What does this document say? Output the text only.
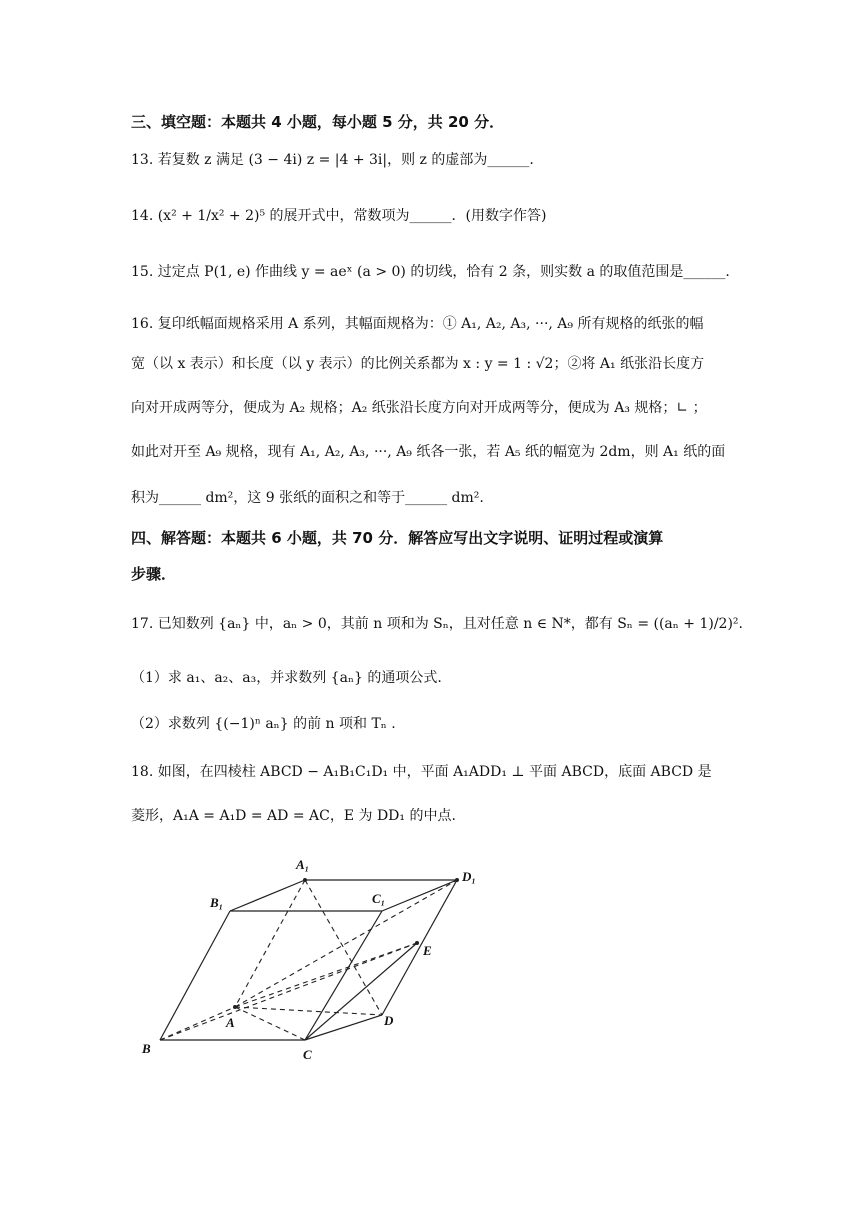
三、填空题：本题共 4 小题，每小题 5 分，共 20 分．
13. 若复数 z 满足 (3 − 4i) z = |4 + 3i|，则 z 的虚部为______.
14. (x² + 1/x² + 2)⁵ 的展开式中，常数项为______．(用数字作答)
15. 过定点 P(1, e) 作曲线 y = aeˣ (a > 0) 的切线，恰有 2 条，则实数 a 的取值范围是______.
16. 复印纸幅面规格采用 A 系列，其幅面规格为：① A₁, A₂, A₃, ···, A₉ 所有规格的纸张的幅
宽（以 x 表示）和长度（以 y 表示）的比例关系都为 x : y = 1 : √2；②将 A₁ 纸张沿长度方
向对开成两等分，便成为 A₂ 规格；A₂ 纸张沿长度方向对开成两等分，便成为 A₃ 规格；∟ ；
如此对开至 A₉ 规格，现有 A₁, A₂, A₃, ···, A₉ 纸各一张，若 A₅ 纸的幅宽为 2dm，则 A₁ 纸的面
积为______ dm²，这 9 张纸的面积之和等于______ dm².
四、解答题：本题共 6 小题，共 70 分．解答应写出文字说明、证明过程或演算
步骤．
17. 已知数列 {aₙ} 中，aₙ > 0，其前 n 项和为 Sₙ，且对任意 n ∈ N*，都有 Sₙ = ((aₙ + 1)/2)².
（1）求 a₁、a₂、a₃，并求数列 {aₙ} 的通项公式.
（2）求数列 {(−1)ⁿ aₙ} 的前 n 项和 Tₙ .
18. 如图，在四棱柱 ABCD − A₁B₁C₁D₁ 中，平面 A₁ADD₁ ⊥ 平面 ABCD，底面 ABCD 是
菱形，A₁A = A₁D = AD = AC，E 为 DD₁ 的中点.
A₁
D₁
B₁	C₁
E
A	D
B	C
